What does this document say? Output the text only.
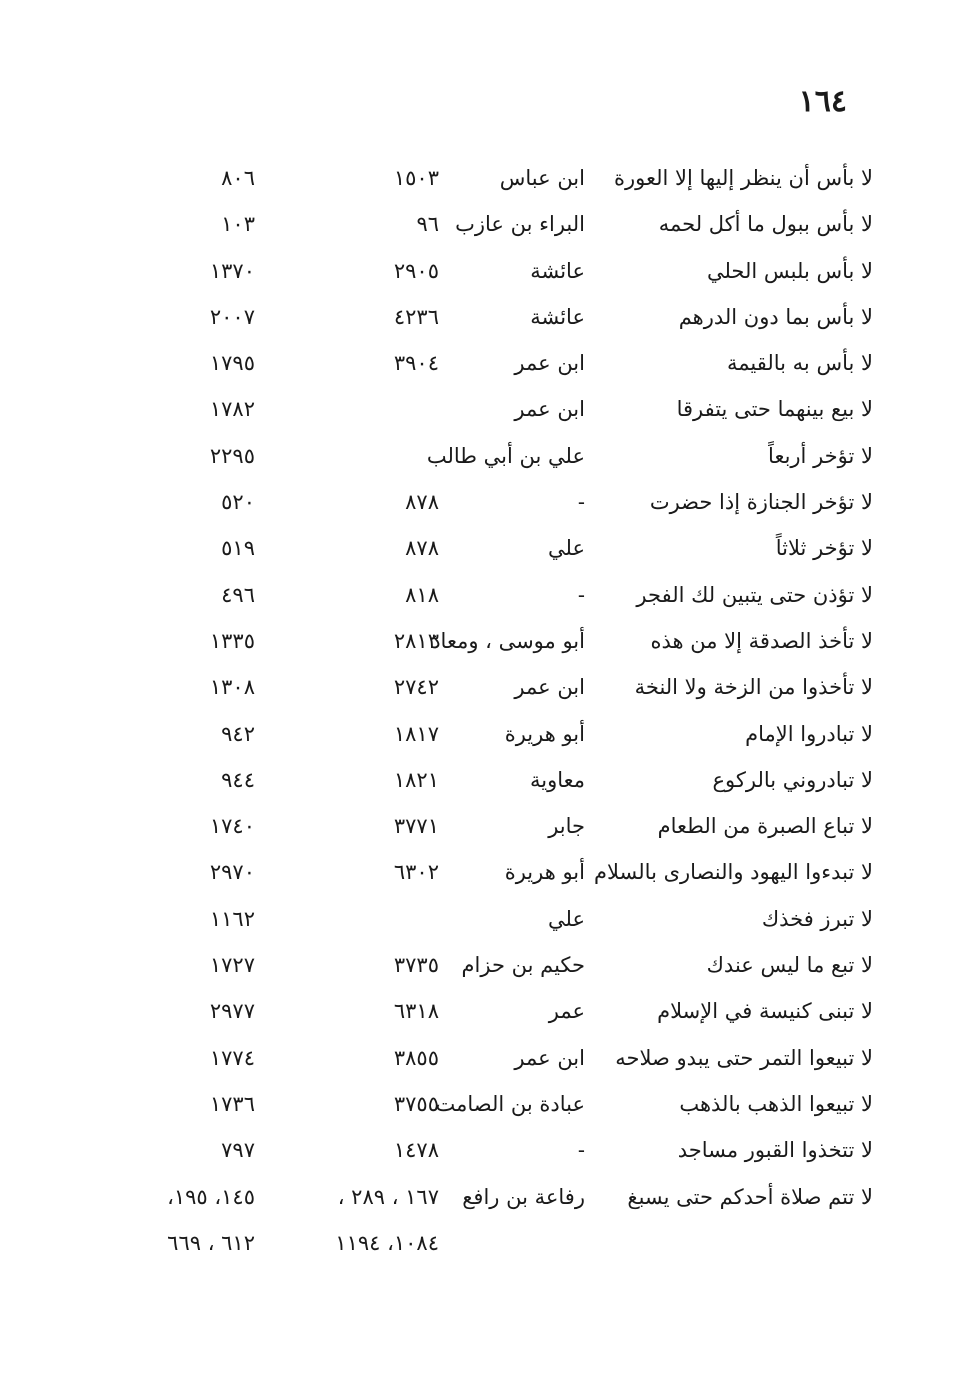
١٦٤
لا بأس أن ينظر إليها إلا العورة
ابن عباس
١٥٠٣
٨٠٦
لا بأس ببول ما أكل لحمه
البراء بن عازب
٩٦
١٠٣
لا بأس بلبس الحلي
عائشة
٢٩٠٥
١٣٧٠
لا بأس بما دون الدرهم
عائشة
٤٢٣٦
٢٠٠٧
لا بأس به بالقيمة
ابن عمر
٣٩٠٤
١٧٩٥
لا بيع بينهما حتى يتفرقا
ابن عمر
١٧٨٢
لا تؤخر أربعاً
علي بن أبي طالب
٢٢٩٥
لا تؤخر الجنازة إذا حضرت
-
٨٧٨
٥٢٠
لا تؤخر ثلاثاً
علي
٨٧٨
٥١٩
لا تؤذن حتى يتبين لك الفجر
-
٨١٨
٤٩٦
لا تأخذ الصدقة إلا من هذه
أبو موسى ، ومعاذ
٢٨١٣
١٣٣٥
لا تأخذوا من الزخة ولا النخة
ابن عمر
٢٧٤٢
١٣٠٨
لا تبادروا الإمام
أبو هريرة
١٨١٧
٩٤٢
لا تبادروني بالركوع
معاوية
١٨٢١
٩٤٤
لا تباع الصبرة من الطعام
جابر
٣٧٧١
١٧٤٠
لا تبدءوا اليهود والنصارى بالسلام
أبو هريرة
٦٣٠٢
٢٩٧٠
لا تبرز فخذك
علي
١١٦٢
لا تبع ما ليس عندك
حكيم بن حزام
٣٧٣٥
١٧٢٧
لا تبنى كنيسة في الإسلام
عمر
٦٣١٨
٢٩٧٧
لا تبيعوا التمر حتى يبدو صلاحه
ابن عمر
٣٨٥٥
١٧٧٤
لا تبيعوا الذهب بالذهب
عبادة بن الصامت
٣٧٥٥
١٧٣٦
لا تتخذوا القبور مساجد
-
١٤٧٨
٧٩٧
لا تتم صلاة أحدكم حتى يسبغ
رفاعة بن رافع
١٦٧ ، ٢٨٩ ،
١٤٥، ١٩٥،
١٠٨٤، ١١٩٤
٦١٢ ، ٦٦٩
